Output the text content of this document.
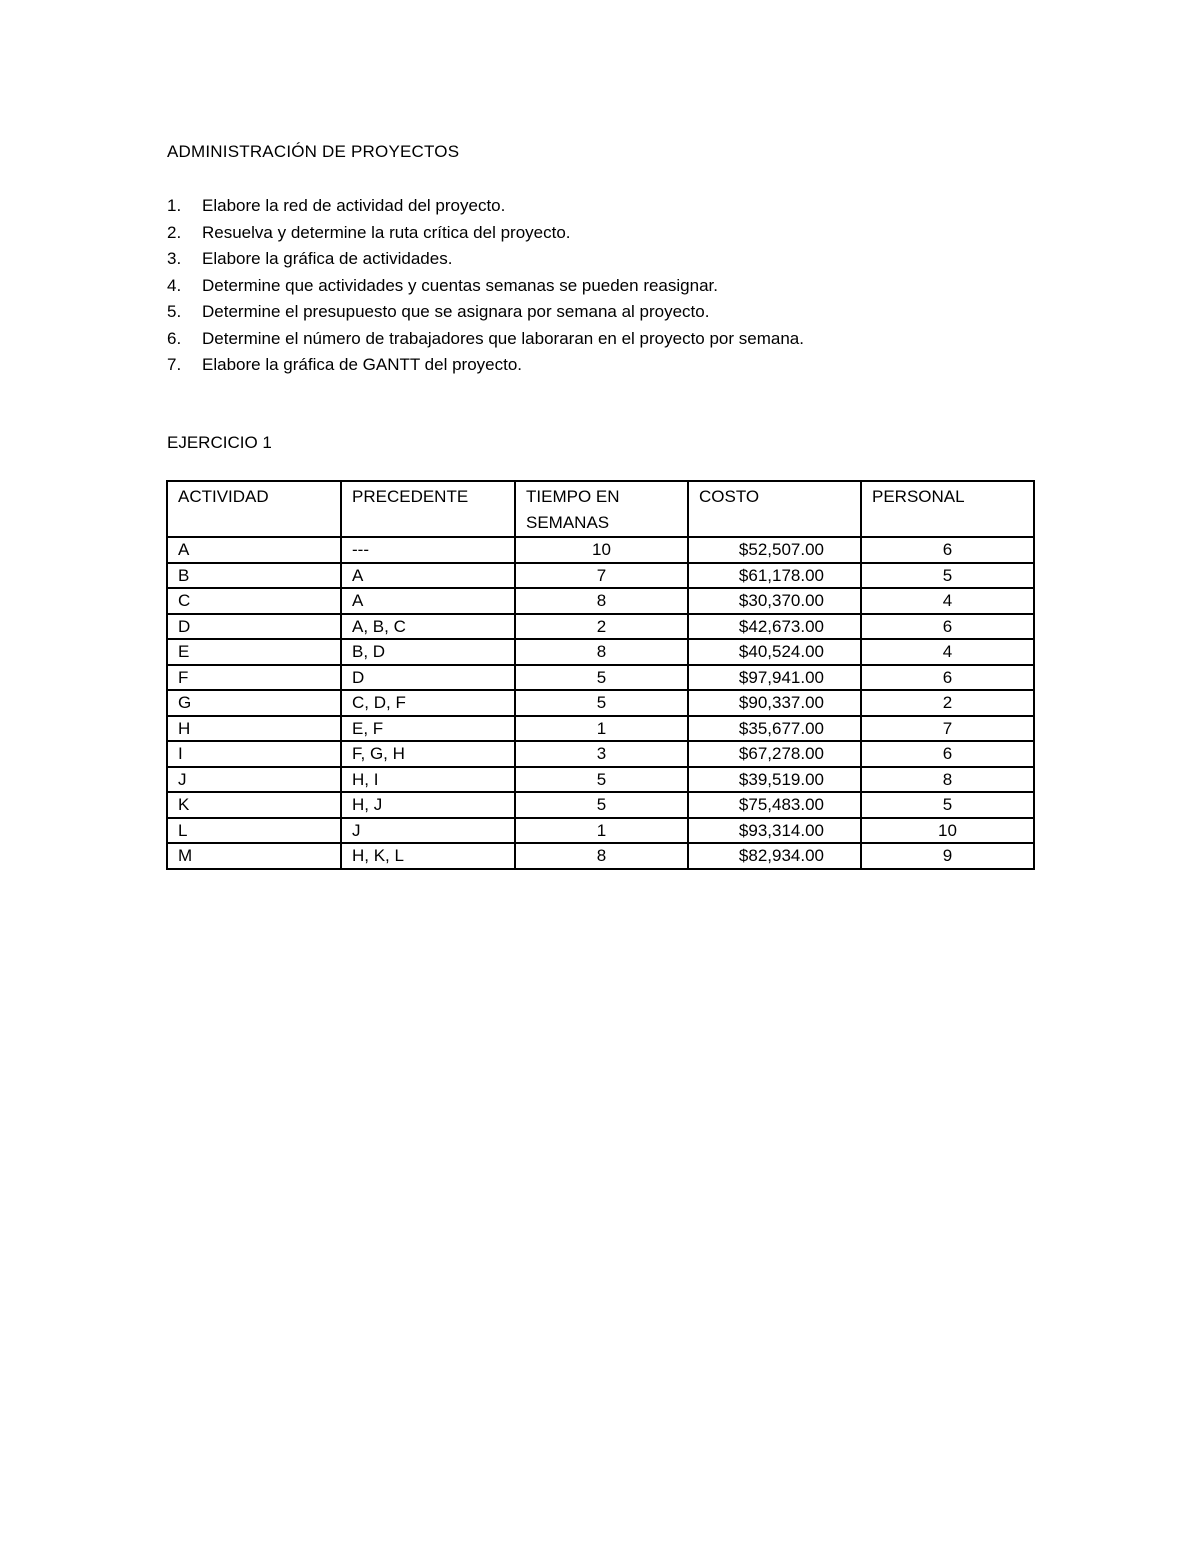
ADMINISTRACIÓN DE PROYECTOS
1.	Elabore la red de actividad del proyecto.
2.	Resuelva y determine la ruta crítica del proyecto.
3.	Elabore la gráfica de actividades.
4.	Determine que actividades y cuentas semanas se pueden reasignar.
5.	Determine el presupuesto que se asignara por semana al proyecto.
6.	Determine el número de trabajadores que laboraran en el proyecto por semana.
7.	Elabore la gráfica de GANTT del proyecto.
EJERCICIO 1
ACTIVIDAD	PRECEDENTE	TIEMPO EN SEMANAS	COSTO	PERSONAL
A	---	10	$52,507.00	6
B	A	7	$61,178.00	5
C	A	8	$30,370.00	4
D	A, B, C	2	$42,673.00	6
E	B, D	8	$40,524.00	4
F	D	5	$97,941.00	6
G	C, D, F	5	$90,337.00	2
H	E, F	1	$35,677.00	7
I	F, G, H	3	$67,278.00	6
J	H, I	5	$39,519.00	8
K	H, J	5	$75,483.00	5
L	J	1	$93,314.00	10
M	H, K, L	8	$82,934.00	9
